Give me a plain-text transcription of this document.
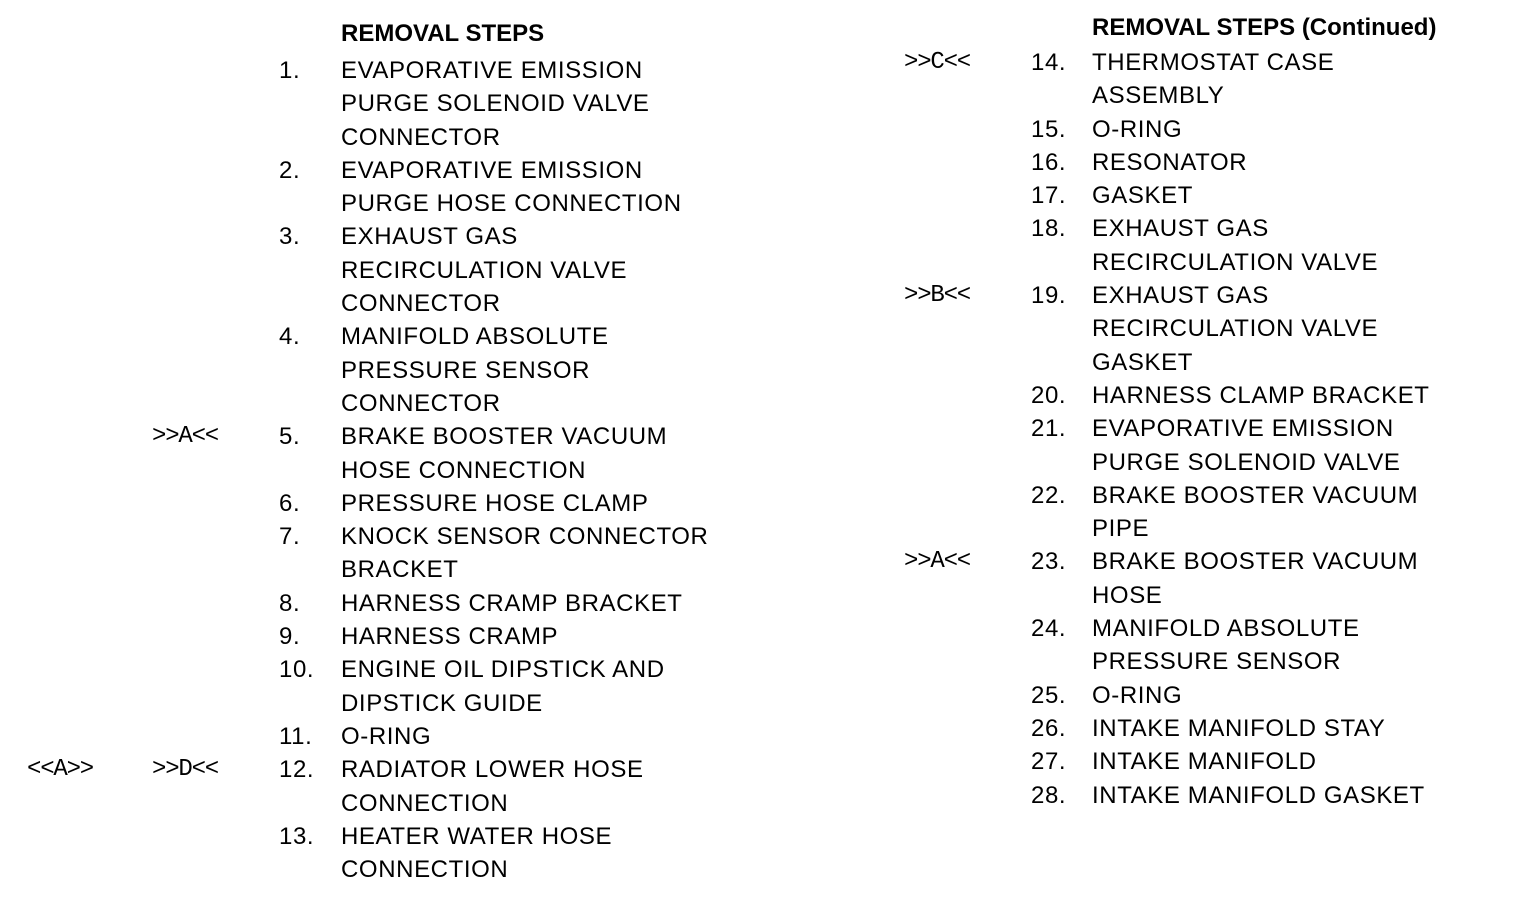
REMOVAL STEPS
1. EVAPORATIVE EMISSION
PURGE SOLENOID VALVE
CONNECTOR
2. EVAPORATIVE EMISSION
PURGE HOSE CONNECTION
3. EXHAUST GAS
RECIRCULATION VALVE
CONNECTOR
4. MANIFOLD ABSOLUTE
PRESSURE SENSOR
CONNECTOR
>>A<<	5. BRAKE BOOSTER VACUUM
HOSE CONNECTION
6. PRESSURE HOSE CLAMP
7. KNOCK SENSOR CONNECTOR
BRACKET
8. HARNESS CRAMP BRACKET
9. HARNESS CRAMP
10. ENGINE OIL DIPSTICK AND
DIPSTICK GUIDE
11. O-RING
<<A>> >>D<<	12. RADIATOR LOWER HOSE
CONNECTION
13. HEATER WATER HOSE
CONNECTION
REMOVAL STEPS (Continued)
>>C<<	14. THERMOSTAT CASE
ASSEMBLY
15. O-RING
16. RESONATOR
17. GASKET
18. EXHAUST GAS
RECIRCULATION VALVE
>>B<<	19. EXHAUST GAS
RECIRCULATION VALVE
GASKET
20. HARNESS CLAMP BRACKET
21. EVAPORATIVE EMISSION
PURGE SOLENOID VALVE
22. BRAKE BOOSTER VACUUM
PIPE
>>A<<	23. BRAKE BOOSTER VACUUM
HOSE
24. MANIFOLD ABSOLUTE
PRESSURE SENSOR
25. O-RING
26. INTAKE MANIFOLD STAY
27. INTAKE MANIFOLD
28. INTAKE MANIFOLD GASKET
